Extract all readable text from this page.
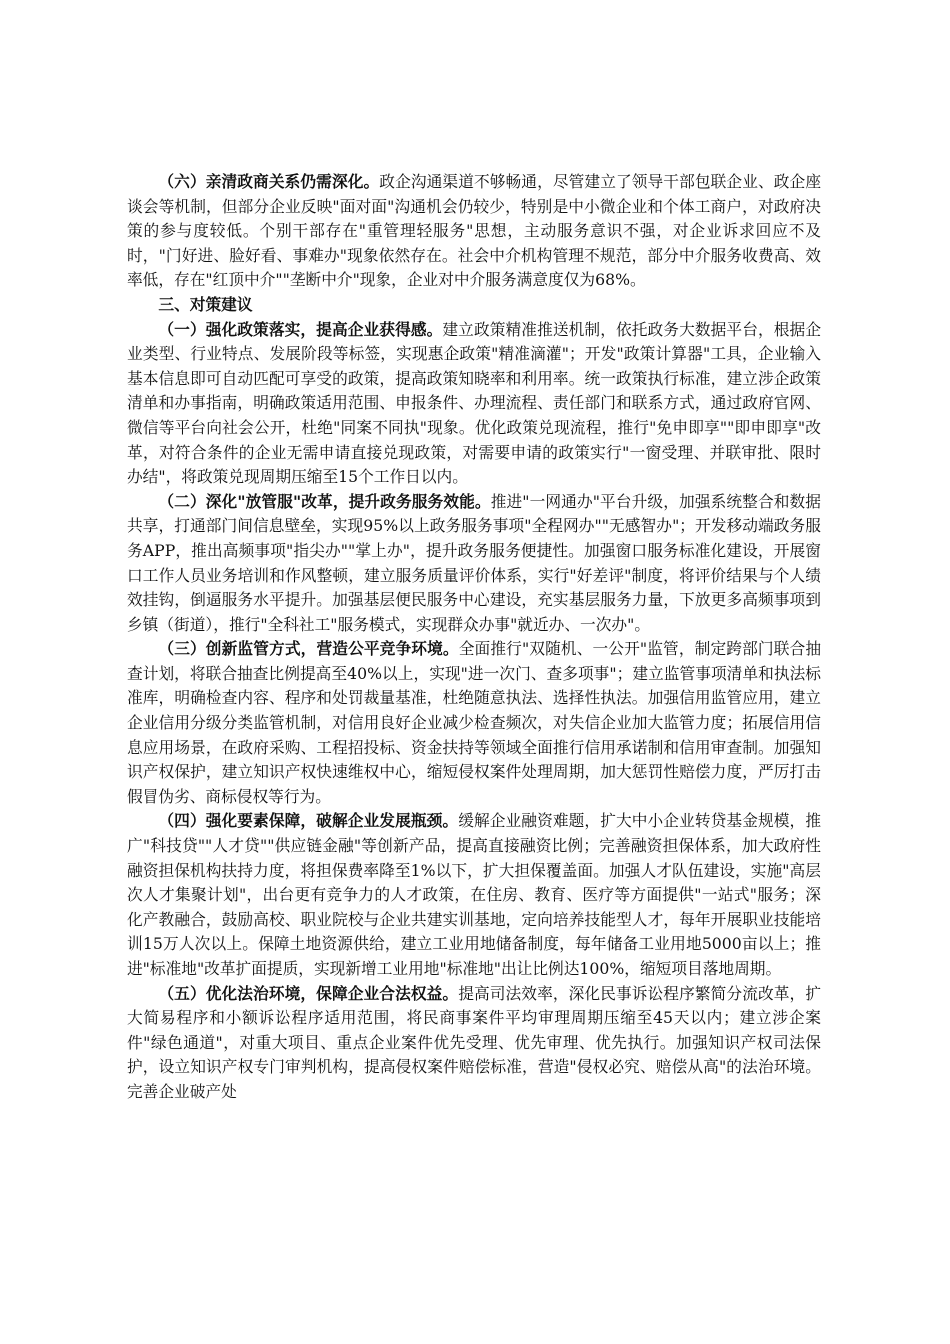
（六）亲清政商关系仍需深化。政企沟通渠道不够畅通，尽管建立了领导干部包联企业、政企座谈会等机制，但部分企业反映"面对面"沟通机会仍较少，特别是中小微企业和个体工商户，对政府决策的参与度较低。个别干部存在"重管理轻服务"思想，主动服务意识不强，对企业诉求回应不及时，"门好进、脸好看、事难办"现象依然存在。社会中介机构管理不规范，部分中介服务收费高、效率低，存在"红顶中介""垄断中介"现象，企业对中介服务满意度仅为68%。

三、对策建议

（一）强化政策落实，提高企业获得感。建立政策精准推送机制，依托政务大数据平台，根据企业类型、行业特点、发展阶段等标签，实现惠企政策"精准滴灌"；开发"政策计算器"工具，企业输入基本信息即可自动匹配可享受的政策，提高政策知晓率和利用率。统一政策执行标准，建立涉企政策清单和办事指南，明确政策适用范围、申报条件、办理流程、责任部门和联系方式，通过政府官网、微信等平台向社会公开，杜绝"同案不同执"现象。优化政策兑现流程，推行"免申即享""即申即享"改革，对符合条件的企业无需申请直接兑现政策，对需要申请的政策实行"一窗受理、并联审批、限时办结"，将政策兑现周期压缩至15个工作日以内。

（二）深化"放管服"改革，提升政务服务效能。推进"一网通办"平台升级，加强系统整合和数据共享，打通部门间信息壁垒，实现95%以上政务服务事项"全程网办""无感智办"；开发移动端政务服务APP，推出高频事项"指尖办""掌上办"，提升政务服务便捷性。加强窗口服务标准化建设，开展窗口工作人员业务培训和作风整顿，建立服务质量评价体系，实行"好差评"制度，将评价结果与个人绩效挂钩，倒逼服务水平提升。加强基层便民服务中心建设，充实基层服务力量，下放更多高频事项到乡镇（街道），推行"全科社工"服务模式，实现群众办事"就近办、一次办"。

（三）创新监管方式，营造公平竞争环境。全面推行"双随机、一公开"监管，制定跨部门联合抽查计划，将联合抽查比例提高至40%以上，实现"进一次门、查多项事"；建立监管事项清单和执法标准库，明确检查内容、程序和处罚裁量基准，杜绝随意执法、选择性执法。加强信用监管应用，建立企业信用分级分类监管机制，对信用良好企业减少检查频次，对失信企业加大监管力度；拓展信用信息应用场景，在政府采购、工程招投标、资金扶持等领域全面推行信用承诺制和信用审查制。加强知识产权保护，建立知识产权快速维权中心，缩短侵权案件处理周期，加大惩罚性赔偿力度，严厉打击假冒伪劣、商标侵权等行为。

（四）强化要素保障，破解企业发展瓶颈。缓解企业融资难题，扩大中小企业转贷基金规模，推广"科技贷""人才贷""供应链金融"等创新产品，提高直接融资比例；完善融资担保体系，加大政府性融资担保机构扶持力度，将担保费率降至1%以下，扩大担保覆盖面。加强人才队伍建设，实施"高层次人才集聚计划"，出台更有竞争力的人才政策，在住房、教育、医疗等方面提供"一站式"服务；深化产教融合，鼓励高校、职业院校与企业共建实训基地，定向培养技能型人才，每年开展职业技能培训15万人次以上。保障土地资源供给，建立工业用地储备制度，每年储备工业用地5000亩以上；推进"标准地"改革扩面提质，实现新增工业用地"标准地"出让比例达100%，缩短项目落地周期。

（五）优化法治环境，保障企业合法权益。提高司法效率，深化民事诉讼程序繁简分流改革，扩大简易程序和小额诉讼程序适用范围，将民商事案件平均审理周期压缩至45天以内；建立涉企案件"绿色通道"，对重大项目、重点企业案件优先受理、优先审理、优先执行。加强知识产权司法保护，设立知识产权专门审判机构，提高侵权案件赔偿标准，营造"侵权必究、赔偿从高"的法治环境。完善企业破产处
